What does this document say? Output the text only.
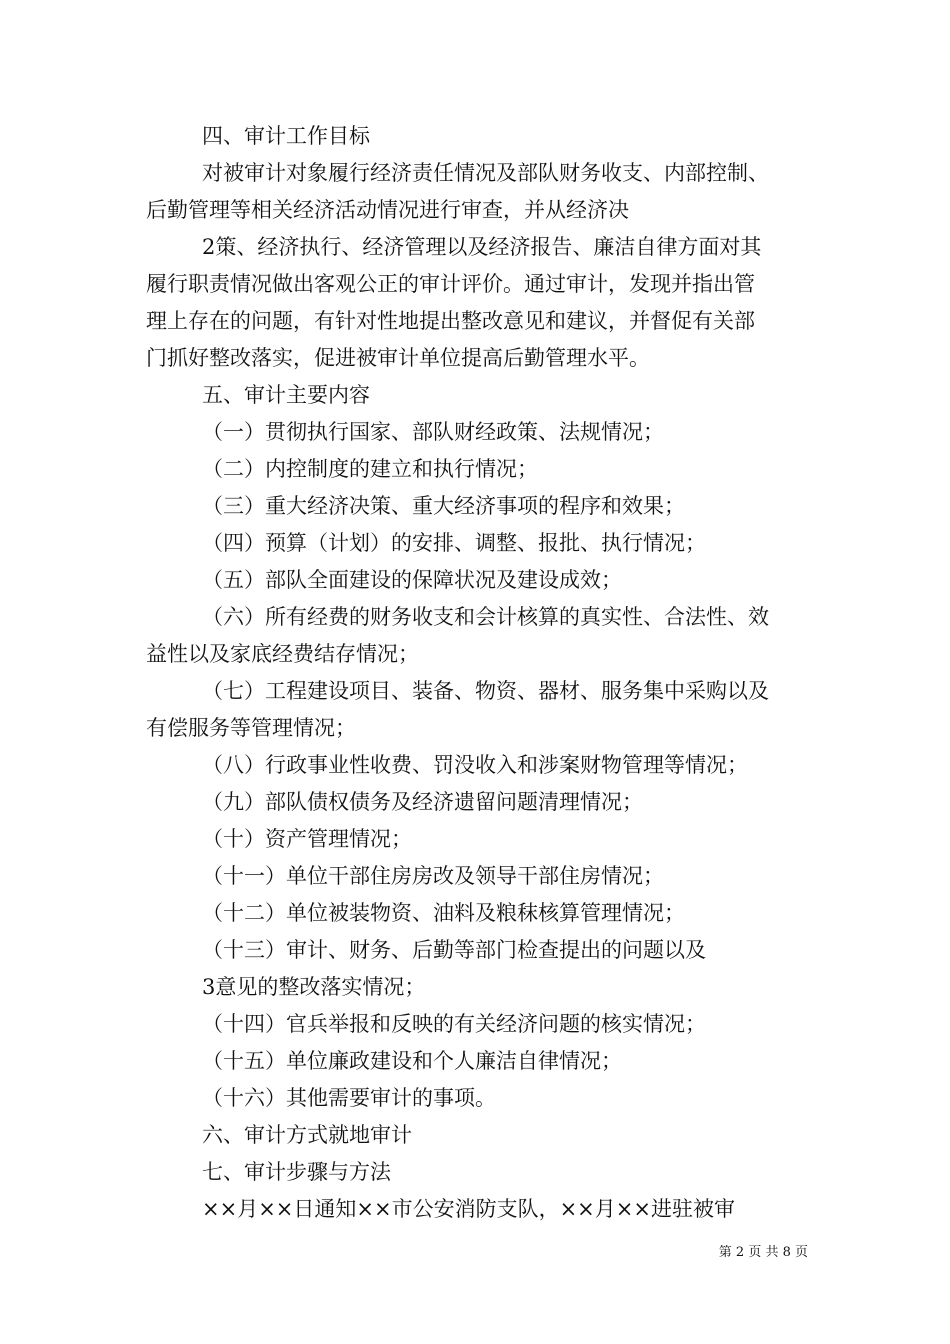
四、审计工作目标
对被审计对象履行经济责任情况及部队财务收支、内部控制、
后勤管理等相关经济活动情况进行审查，并从经济决
2策、经济执行、经济管理以及经济报告、廉洁自律方面对其
履行职责情况做出客观公正的审计评价。通过审计，发现并指出管
理上存在的问题，有针对性地提出整改意见和建议，并督促有关部
门抓好整改落实，促进被审计单位提高后勤管理水平。
五、审计主要内容
（一）贯彻执行国家、部队财经政策、法规情况；
（二）内控制度的建立和执行情况；
（三）重大经济决策、重大经济事项的程序和效果；
（四）预算（计划）的安排、调整、报批、执行情况；
（五）部队全面建设的保障状况及建设成效；
（六）所有经费的财务收支和会计核算的真实性、合法性、效
益性以及家底经费结存情况；
（七）工程建设项目、装备、物资、器材、服务集中采购以及
有偿服务等管理情况；
（八）行政事业性收费、罚没收入和涉案财物管理等情况；
（九）部队债权债务及经济遗留问题清理情况；
（十）资产管理情况；
（十一）单位干部住房房改及领导干部住房情况；
（十二）单位被装物资、油料及粮秣核算管理情况；
（十三）审计、财务、后勤等部门检查提出的问题以及
3意见的整改落实情况；
（十四）官兵举报和反映的有关经济问题的核实情况；
（十五）单位廉政建设和个人廉洁自律情况；
（十六）其他需要审计的事项。
六、审计方式就地审计
七、审计步骤与方法
××月××日通知××市公安消防支队，××月××进驻被审
第 2 页 共 8 页
